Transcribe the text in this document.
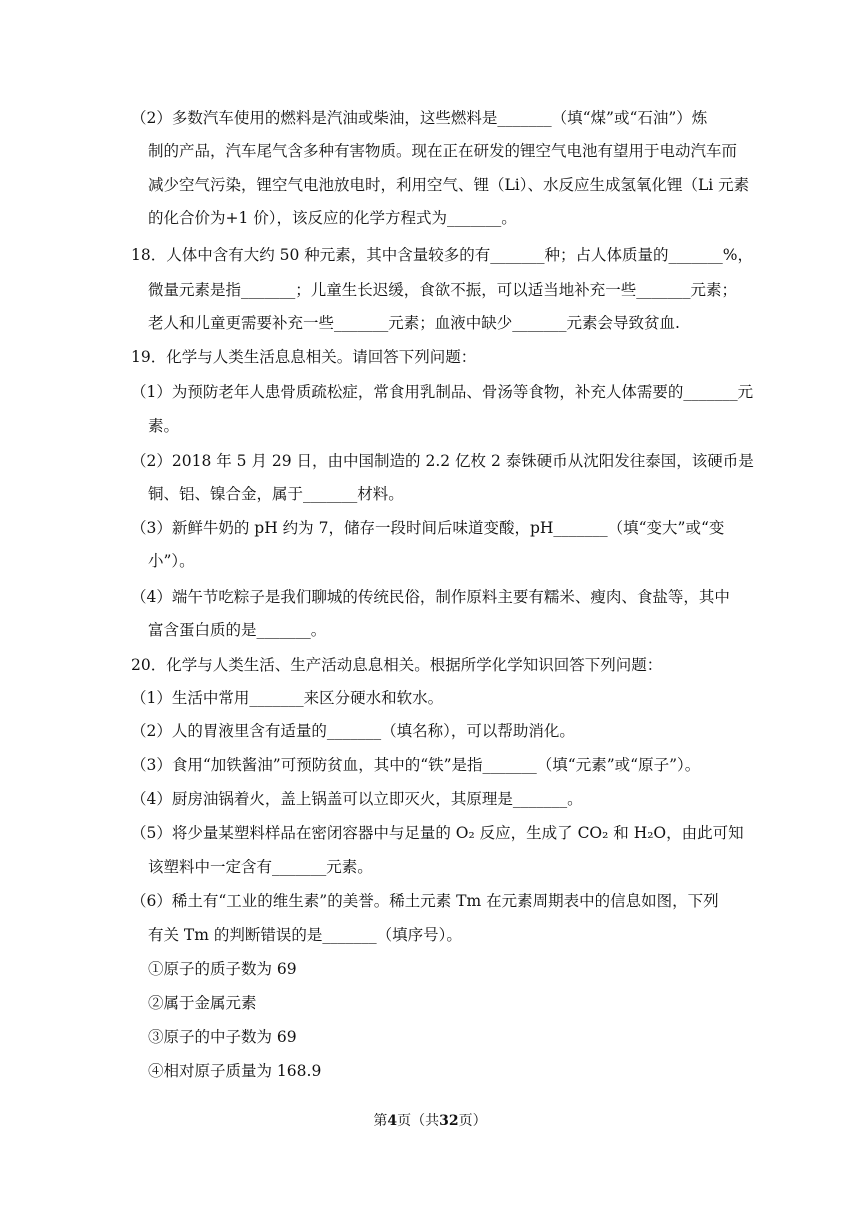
（2）多数汽车使用的燃料是汽油或柴油，这些燃料是_______（填“煤”或“石油”）炼
制的产品，汽车尾气含多种有害物质。现在正在研发的锂空气电池有望用于电动汽车而
减少空气污染，锂空气电池放电时，利用空气、锂（Li）、水反应生成氢氧化锂（Li 元素
的化合价为+1 价），该反应的化学方程式为_______。
18．人体中含有大约 50 种元素，其中含量较多的有_______种；占人体质量的_______%，
微量元素是指_______；儿童生长迟缓，食欲不振，可以适当地补充一些_______元素；
老人和儿童更需要补充一些_______元素；血液中缺少_______元素会导致贫血.
19．化学与人类生活息息相关。请回答下列问题：
（1）为预防老年人患骨质疏松症，常食用乳制品、骨汤等食物，补充人体需要的_______元
素。
（2）2018 年 5 月 29 日，由中国制造的 2.2 亿枚 2 泰铢硬币从沈阳发往泰国，该硬币是
铜、铝、镍合金，属于_______材料。
（3）新鲜牛奶的 pH 约为 7，储存一段时间后味道变酸，pH_______（填“变大”或“变
小”）。
（4）端午节吃粽子是我们聊城的传统民俗，制作原料主要有糯米、瘦肉、食盐等，其中
富含蛋白质的是_______。
20．化学与人类生活、生产活动息息相关。根据所学化学知识回答下列问题：
（1）生活中常用_______来区分硬水和软水。
（2）人的胃液里含有适量的_______（填名称），可以帮助消化。
（3）食用“加铁酱油”可预防贫血，其中的“铁”是指_______（填“元素”或“原子”）。
（4）厨房油锅着火，盖上锅盖可以立即灭火，其原理是_______。
（5）将少量某塑料样品在密闭容器中与足量的 O₂ 反应，生成了 CO₂ 和 H₂O，由此可知
该塑料中一定含有_______元素。
（6）稀土有“工业的维生素”的美誉。稀土元素 Tm 在元素周期表中的信息如图，下列
有关 Tm 的判断错误的是_______（填序号）。
①原子的质子数为 69
②属于金属元素
③原子的中子数为 69
④相对原子质量为 168.9
第4页（共32页）
